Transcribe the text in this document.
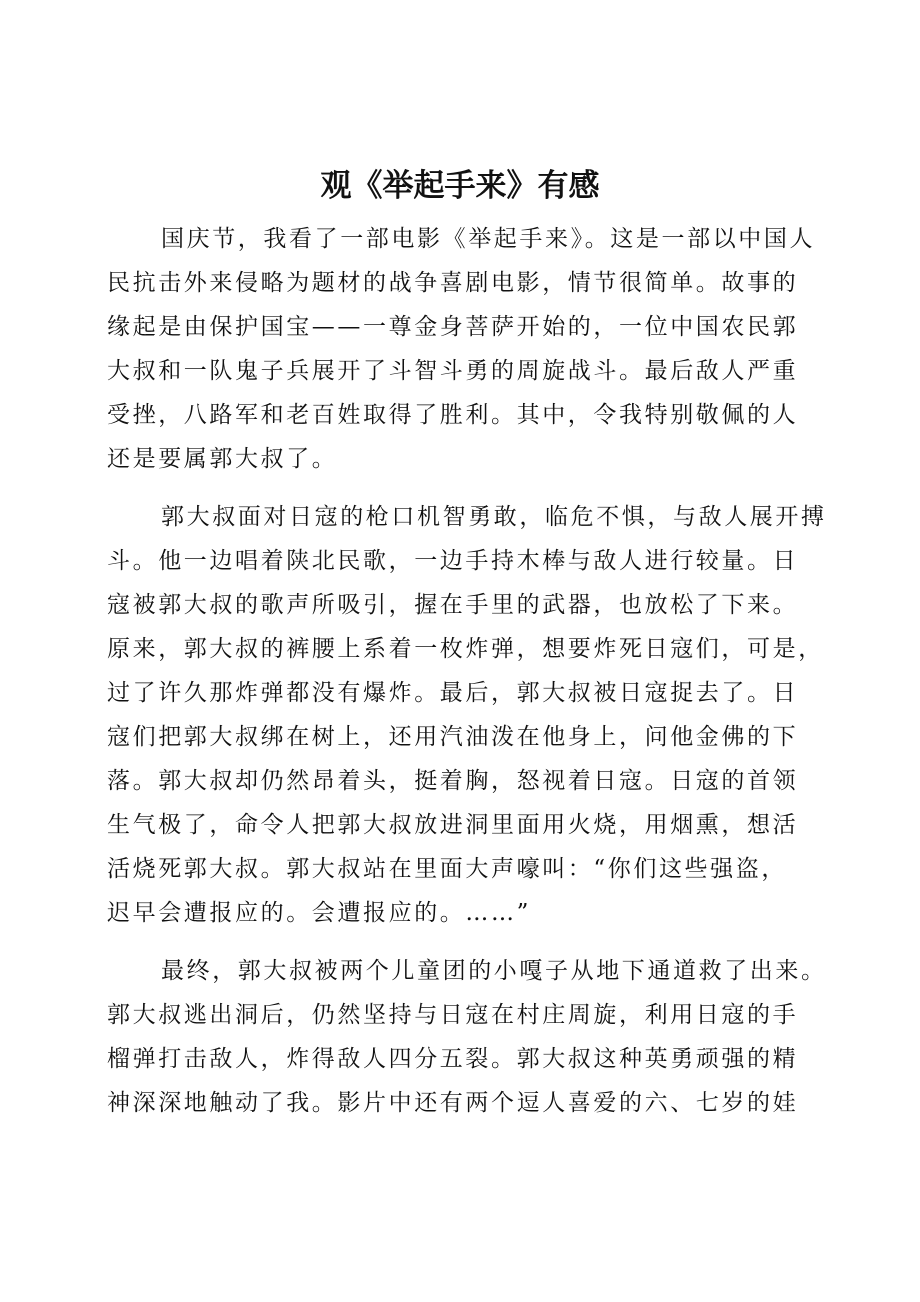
观《举起手来》有感
国庆节，我看了一部电影《举起手来》。这是一部以中国人
民抗击外来侵略为题材的战争喜剧电影，情节很简单。故事的
缘起是由保护国宝——一尊金身菩萨开始的，一位中国农民郭
大叔和一队鬼子兵展开了斗智斗勇的周旋战斗。最后敌人严重
受挫，八路军和老百姓取得了胜利。其中，令我特别敬佩的人
还是要属郭大叔了。
郭大叔面对日寇的枪口机智勇敢，临危不惧，与敌人展开搏
斗。他一边唱着陕北民歌，一边手持木棒与敌人进行较量。日
寇被郭大叔的歌声所吸引，握在手里的武器，也放松了下来。
原来，郭大叔的裤腰上系着一枚炸弹，想要炸死日寇们，可是，
过了许久那炸弹都没有爆炸。最后，郭大叔被日寇捉去了。日
寇们把郭大叔绑在树上，还用汽油泼在他身上，问他金佛的下
落。郭大叔却仍然昂着头，挺着胸，怒视着日寇。日寇的首领
生气极了，命令人把郭大叔放进洞里面用火烧，用烟熏，想活
活烧死郭大叔。郭大叔站在里面大声嚎叫：“你们这些强盗，
迟早会遭报应的。会遭报应的。……”
最终，郭大叔被两个儿童团的小嘎子从地下通道救了出来。
郭大叔逃出洞后，仍然坚持与日寇在村庄周旋，利用日寇的手
榴弹打击敌人，炸得敌人四分五裂。郭大叔这种英勇顽强的精
神深深地触动了我。影片中还有两个逗人喜爱的六、七岁的娃
